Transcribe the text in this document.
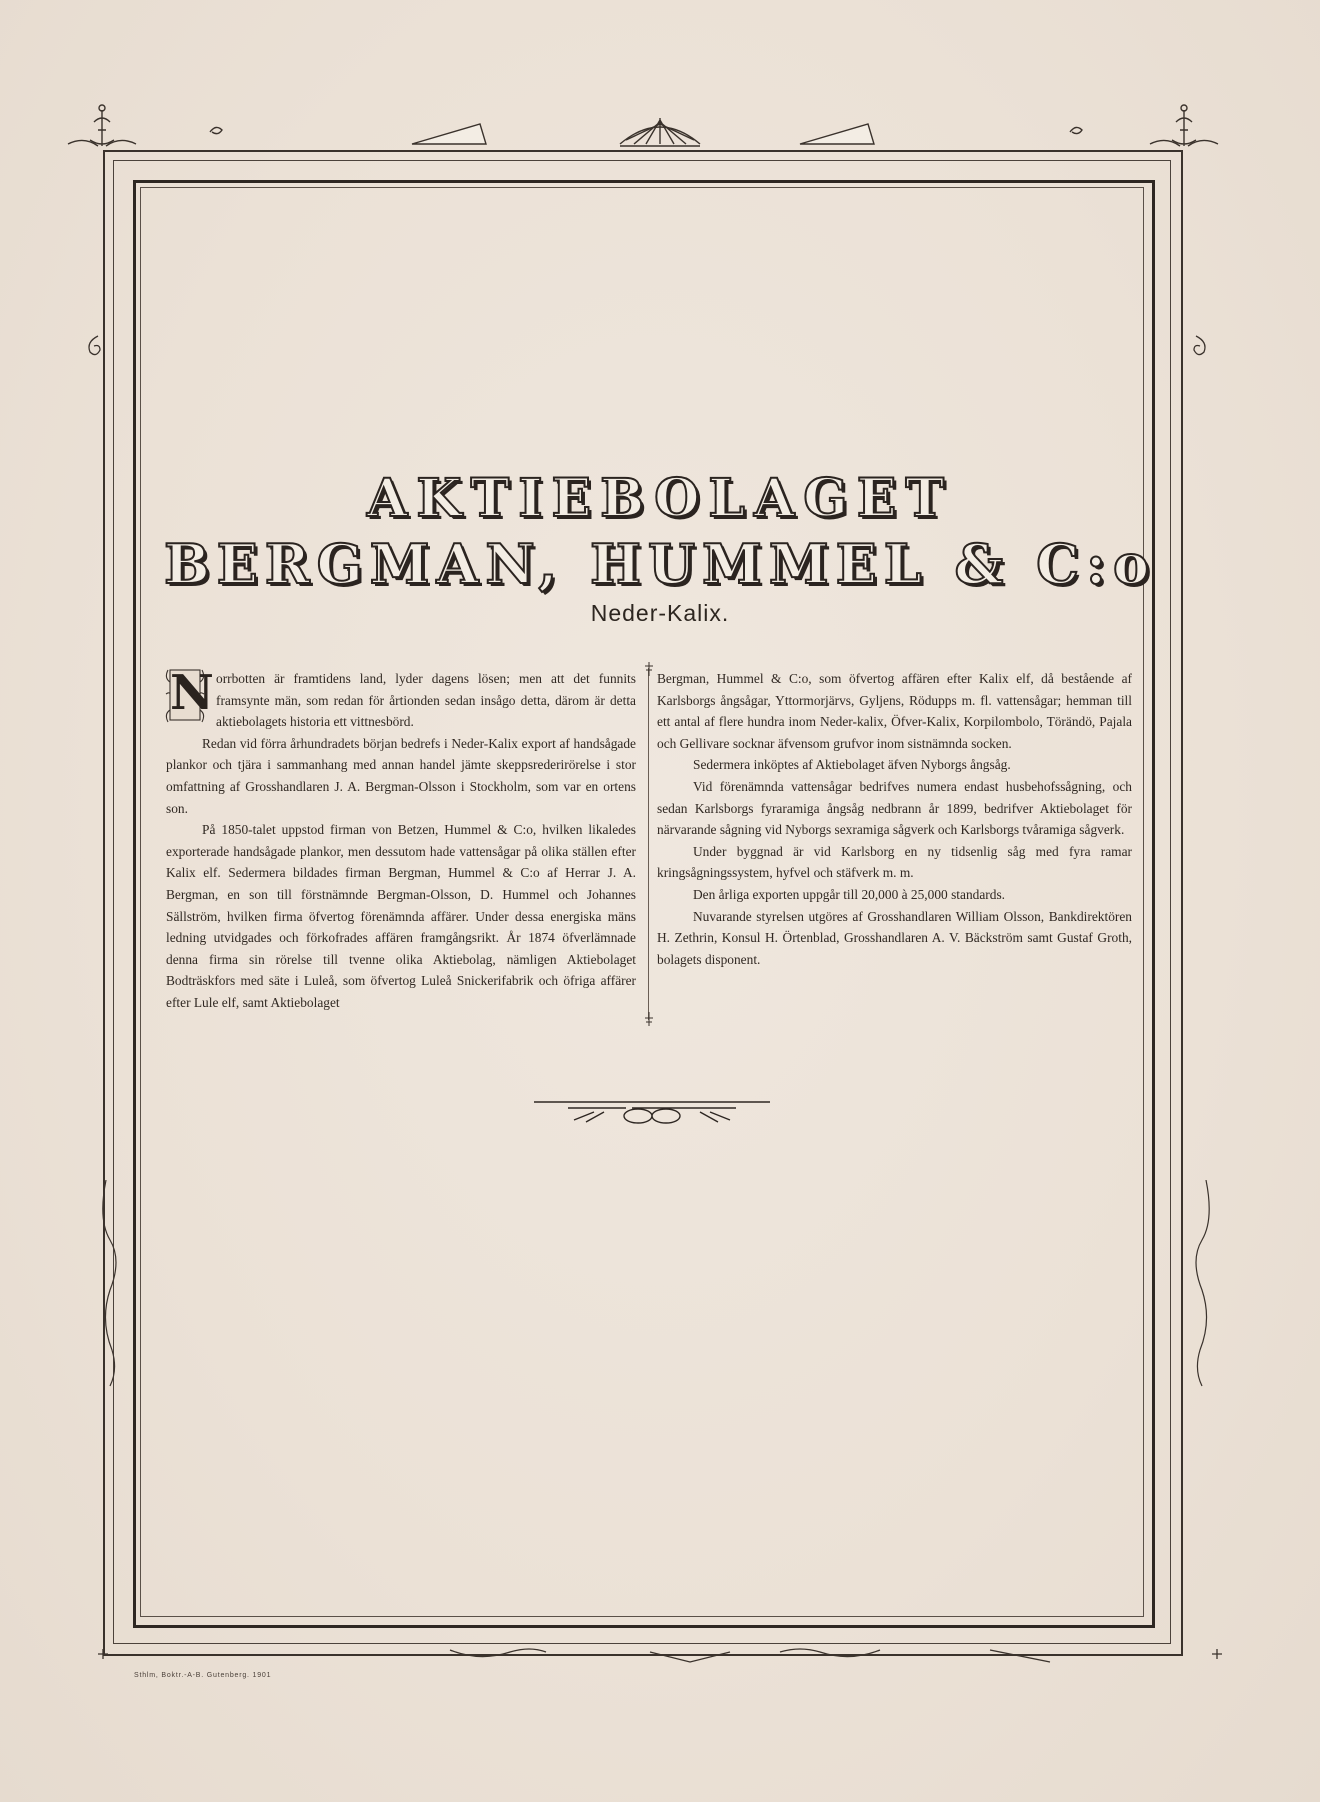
AKTIEBOLAGET
BERGMAN, HUMMEL & C:o
Neder-Kalix.
N orrbotten är framtidens land, lyder dagens lösen; men att det funnits framsynte män, som redan för årtionden sedan insågo detta, därom är detta aktiebolagets historia ett vittnesbörd.

Redan vid förra århundradets början bedrefs i Neder-Kalix export af handsågade plankor och tjära i sammanhang med annan handel jämte skeppsrederirörelse i stor omfattning af Grosshandlaren J. A. Bergman-Olsson i Stockholm, som var en ortens son.

På 1850-talet uppstod firman von Betzen, Hummel & C:o, hvilken likaledes exporterade handsågade plankor, men dessutom hade vattensågar på olika ställen efter Kalix elf. Sedermera bildades firman Bergman, Hummel & C:o af Herrar J. A. Bergman, en son till förstnämnde Bergman-Olsson, D. Hummel och Johannes Sällström, hvilken firma öfvertog förenämnda affärer. Under dessa energiska mäns ledning utvidgades och förkofrades affären framgångsrikt. År 1874 öfverlämnade denna firma sin rörelse till tvenne olika Aktiebolag, nämligen Aktiebolaget Bodträskfors med säte i Luleå, som öfvertog Luleå Snickerifabrik och öfriga affärer efter Lule elf, samt Aktiebolaget

Bergman, Hummel & C:o, som öfvertog affären efter Kalix elf, då bestående af Karlsborgs ångsågar, Yttormorjärvs, Gyljens, Rödupps m. fl. vattensågar; hemman till ett antal af flere hundra inom Neder-kalix, Öfver-Kalix, Korpilombolo, Törändö, Pajala och Gellivare socknar äfvensom grufvor inom sistnämnda socken.

Sedermera inköptes af Aktiebolaget äfven Nyborgs ångsåg.

Vid förenämnda vattensågar bedrifves numera endast husbehofssågning, och sedan Karlsborgs fyraramiga ångsåg nedbrann år 1899, bedrifver Aktiebolaget för närvarande sågning vid Nyborgs sexramiga sågverk och Karlsborgs tvåramiga sågverk.

Under byggnad är vid Karlsborg en ny tidsenlig såg med fyra ramar kringsågningssystem, hyfvel och stäfverk m. m.

Den årliga exporten uppgår till 20,000 à 25,000 standards.

Nuvarande styrelsen utgöres af Grosshandlaren William Olsson, Bankdirektören H. Zethrin, Konsul H. Örtenblad, Grosshandlaren A. V. Bäckström samt Gustaf Groth, bolagets disponent.

Sthlm, Boktr.-A-B. Gutenberg. 1901
